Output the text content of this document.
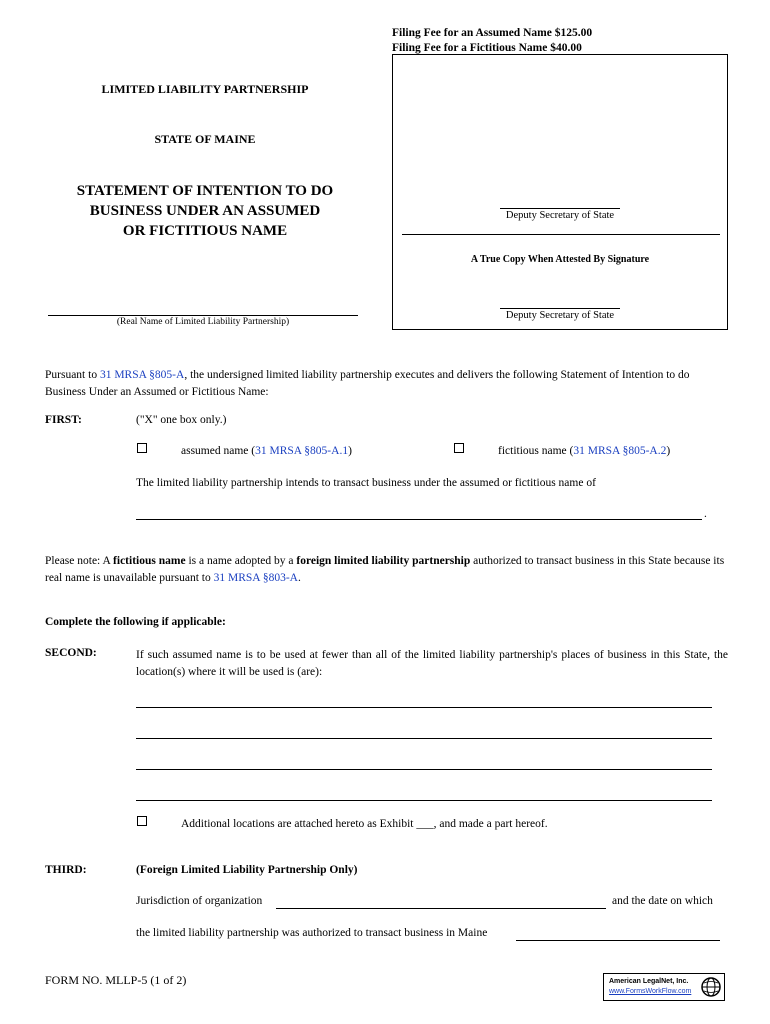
Filing Fee for an Assumed Name $125.00
Filing Fee for a Fictitious Name $40.00
Deputy Secretary of State
A True Copy When Attested By Signature
Deputy Secretary of State
LIMITED LIABILITY PARTNERSHIP
STATE OF MAINE
STATEMENT OF INTENTION TO DO
BUSINESS UNDER AN ASSUMED
OR FICTITIOUS NAME
(Real Name of Limited Liability Partnership)
Pursuant to 31 MRSA §805-A, the undersigned limited liability partnership executes and delivers the following Statement of Intention to do Business Under an Assumed or Fictitious Name:
FIRST:	("X" one box only.)
assumed name (31 MRSA §805-A.1)	fictitious name (31 MRSA §805-A.2)
The limited liability partnership intends to transact business under the assumed or fictitious name of
.
Please note: A fictitious name is a name adopted by a foreign limited liability partnership authorized to transact business in this State because its real name is unavailable pursuant to 31 MRSA §803-A.
Complete the following if applicable:
SECOND:	If such assumed name is to be used at fewer than all of the limited liability partnership's places of business in this State, the location(s) where it will be used is (are):
Additional locations are attached hereto as Exhibit ___, and made a part hereof.
THIRD:	(Foreign Limited Liability Partnership Only)
Jurisdiction of organization	and the date on which
the limited liability partnership was authorized to transact business in Maine
FORM NO. MLLP-5 (1 of 2)	American LegalNet, Inc.
www.FormsWorkFlow.com
